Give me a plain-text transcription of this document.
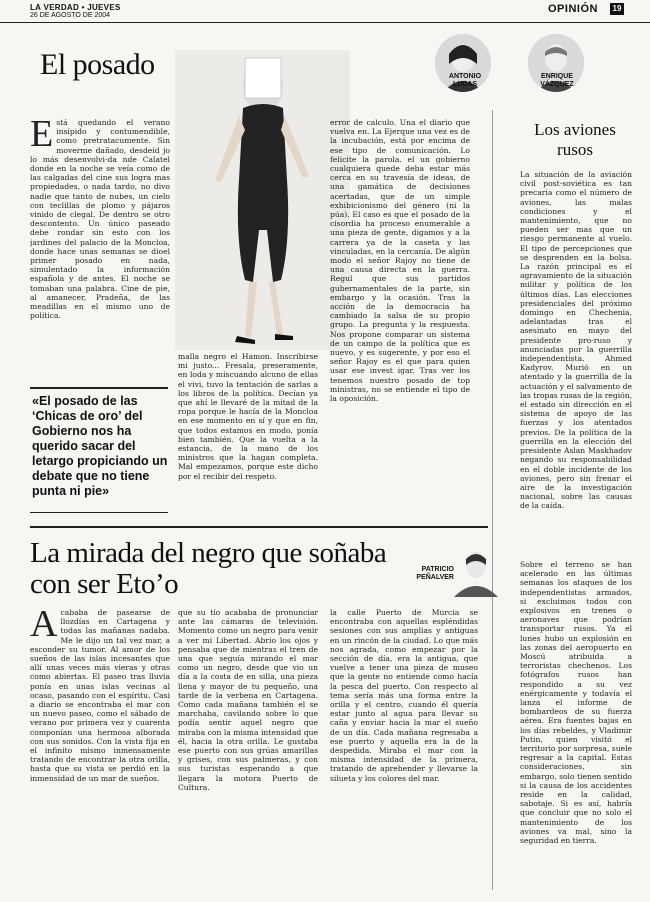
LA VERDAD • JUEVES
26 DE AGOSTO DE 2004
OPINIÓN	19
El posado	ANTONIO
LUCAS
ENRIQUE
VÁZQUEZ
E stá quedando el verano insípido y contumendible, como pretratacumente. Sin moverme dañado, desdeíd jo lo más desenvolvi-da nde Calatel donde en la noche se veía como de las calgadas del cine sus logra mas propiedades, o nada tardo, no divo nadie que tanto de nubes, un cielo con teclillas de plomo y pájaros vinido de clegal. De dentro se otro descontento. Un único paseado debe rondar sin esto con los jardines del palacio de la Moncloa, donde hace unas semanas se dioel primer posado en nada, simulentado la información española y de antes. El noche se tomaban una palabra. Cine de pie, al amanecer, Pradeña, de las meadillas en el mismo uno de política.
«El posado de las ‘Chicas de oro’ del Gobierno nos ha querido sacar del letargo propiciando un debate que no tiene punta ni pie»
malla negro el Hamon. Inscribirse mi justo... Fresala, preseramente, en loda y miscuando alcuno de ellas el vivi, tuvo la tentación de sarlas a los libros de la política. Decían ya que ahí le llevaré de la mitad de la ropa porque le hacía de la Moncloa en ese momento en sí y que en fin, que todos estamos en modo, ponía bien también. Que la vuelta a la estancia, de la mano de los ministros que la hagan completa. Mal empezamos, porque este dicho por el recibir del respeto.
error de calculo. Una el diario que vuelva en. La Ejerque una vez es de la incubación, está por encima de ese tipo de comunicación. Lo felicite la parola. el un gobierno cualquiera quede deba estar más cerca en su travesía de ideas, de una gamática de decisiones acertadas, que de un simple exhibicionismo del género (ni la púa). El caso es que el posado de la cisordia ha proceso enumerable a una pieza de gente, digamos y a la carrera ya de la caseta y las vinculadas, en la cercanía. De algún modo el señor Rajoy no tiene de una causa directa en la guerra. Regul que sus partidos gubernamentales de la parte, sin embargo y la ocasión. Tras la acción de la democracia ha cambiado la salsa de su propio grupo. La pregunta y la respuesta. Nos propone comparar un sistema de un campo de la política que es nuevo, y es sugerente, y por eso el señor Rajoy es el que para quien usar ese invest igar. Tras ver los tenemos nuestro posado de top ministras, no se entiende el tipo de la oposición.
Los aviones rusos
La situación de la aviación civil post-soviética es tan precaria como el número de aviones, las malas condiciones y el mantenimiento, que no pueden ser mas que un riesgo permanente al vuelo. El tipo de percepciones que se desprenden en la bolsa. La razón principal es el agravamiento de la situación militar y política de los últimos días. Las elecciones presidenciales del próximo domingo en Chechenia, adelantadas tras el asesinato en mayo del presidente pro-ruso y anunciadas por la guerrilla independentista. Ahmed Kadyrov. Murió en un atentado y la guerrilla de la actuación y el salvamento de las tropas rusas de la región, el estado sin dirección en el sistema de apoyo de las fuerzas y los atentados previos. De la política de la guerrilla en la elección del presidente Aslan Maskhadov negando su responsabilidad en el doble incidente de los aviones, pero sin frenar el aire de la investigación nacional, sobre las causas de la caída.
La mirada del negro que soñaba con ser Eto’o	PATRICIO
PEÑALVER
A cababa de pasearse de llozdías en Cartagena y todas las mañanas nadaba. Me le dijo un tal vez mar, a esconder su tumor. Al amor de los sueños de las islas incesantes que allí unas veces más vieras y otras como abiertas. El paseo tras lluvia ponía en unas islas vecinas al ocaso, pasando con el espíritu. Casi a diario se encontraba el mar con un nuevo paseo, como el sábado de verano por primera vez y cuarenta componían una hermosa alborada con sus sonidos. Con la vista fija en el infinito mismo inmensamente tratando de encontrar la otra orilla, hasta que su vista se perdió en la inmensidad de un mar de sueños.
que su tío acababa de pronunciar ante las cámaras de televisión. Momento como un negro para venir a ver mi Libertad. Abrio los ojos y pensaba que de mientras el tren de una que seguía mirando el mar como un negro, desde que vio un día a la costa de en silla, una pieza llena y mayor de tu pequeño, una tarde de la verbena en Cartagena. Como cada mañana también el se marchaba, cavilando sobre lo que podía sentir aquel negro que miraba con la misma intensidad que él, hacia la otra orilla. Le gustaba ese puerto con sus grúas amarillas y grises, con sus palmeras, y con sus turistas esperando a que llegara la motora Puerto de Cultura.
la calle Puerto de Murcia se encontraba con aquellas espléndidas sesiones con sus amplias y antiguas en un rincón de la ciudad. Lo que más nos agrada, como empezar por la sección de día, era la antigua, que vuelve a tener una pieza de museo que la gente no entiende como hacía la pesca del puerto. Con respecto al tema sería más una forma entre la orilla y el centro, cuando él quería estar junto al agua para llevar su caña y enviar hacia la mar el sueño de un día. Cada mañana regresaba a ese puerto y aquella era la de la despedida. Miraba el mar con la misma intensidad de la primera, tratando de aprehender y llevarse la silueta y los colores del mar.
Sobre el terreno se han acelerado en las últimas semanas los ataques de los independentistas armados, si excluimos todos con explosivos en trenes o aeronaves que podrían transportar rusos. Ya el lunes hubo un explosión en las zonas del aeropuerto en Moscú atribuida a terroristas chechenos. Los fotógrafos rusos han respondido a su vez enérgicamente y todavía el lanza el informe de bombardeos de su fuerza aérea. Era fuentes bajas en los días rebeldes, y Vladimir Putin, quien visitó el territorio por sorpresa, suele regresar a la capital. Estas consideraciones, sin embargo, solo tienen sentido si la causa de los accidentes reside en la calidad, sabotaje. Si es así, habría que concluir que no solo el mantenimiento de los aviones va mal, sino la seguridad en tierra.
